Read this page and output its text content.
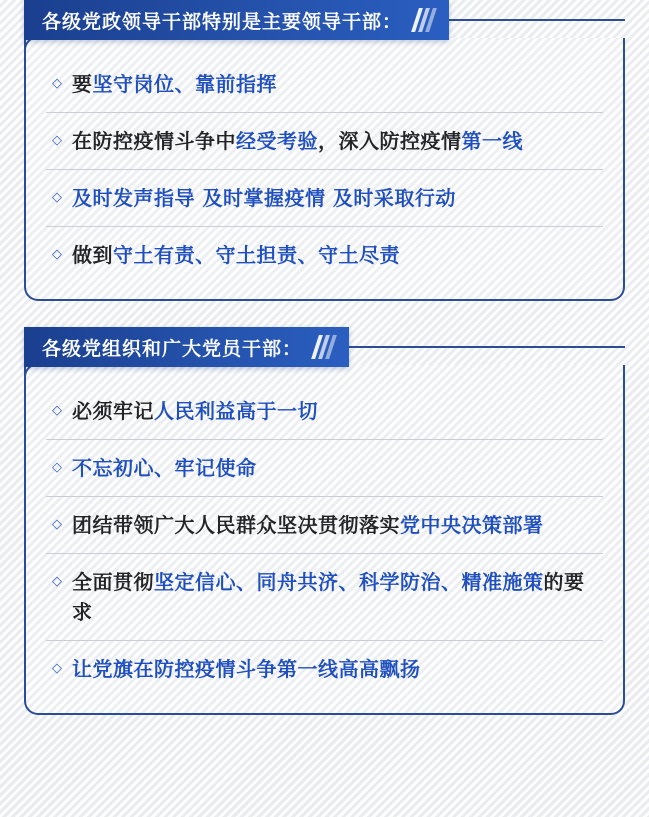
各级党政领导干部特别是主要领导干部：
◇ 要坚守岗位、靠前指挥
◇ 在防控疫情斗争中经受考验，深入防控疫情第一线
◇ 及时发声指导 及时掌握疫情 及时采取行动
◇ 做到守土有责、守土担责、守土尽责
各级党组织和广大党员干部：
◇ 必须牢记人民利益高于一切
◇ 不忘初心、牢记使命
◇ 团结带领广大人民群众坚决贯彻落实党中央决策部署
◇ 全面贯彻坚定信心、同舟共济、科学防治、精准施策的要求
◇ 让党旗在防控疫情斗争第一线高高飘扬
